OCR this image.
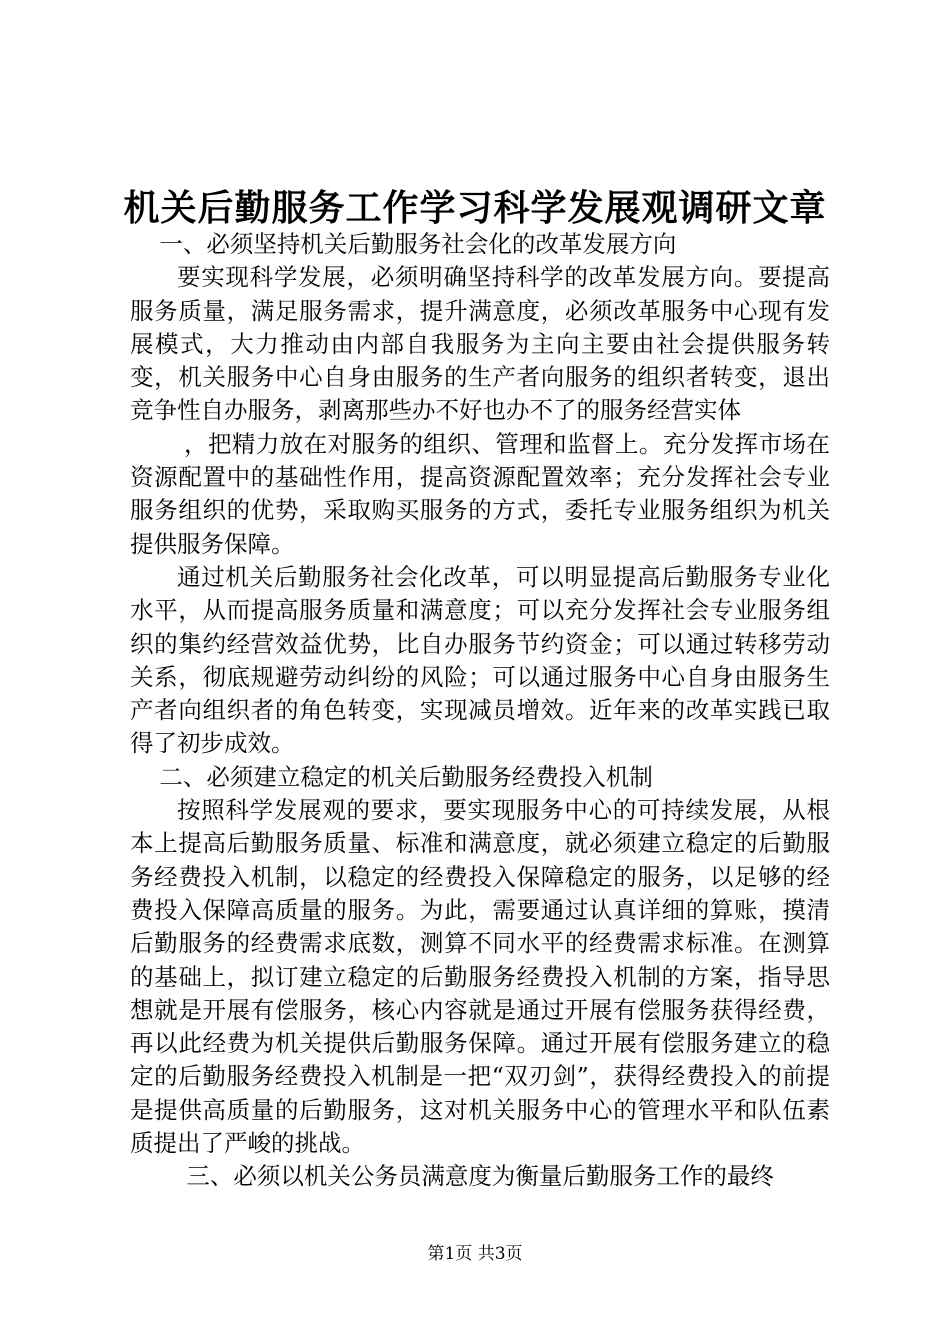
机关后勤服务工作学习科学发展观调研文章

一、必须坚持机关后勤服务社会化的改革发展方向

要实现科学发展，必须明确坚持科学的改革发展方向。要提高服务质量，满足服务需求，提升满意度，必须改革服务中心现有发展模式，大力推动由内部自我服务为主向主要由社会提供服务转变，机关服务中心自身由服务的生产者向服务的组织者转变，退出竞争性自办服务，剥离那些办不好也办不了的服务经营实体

，把精力放在对服务的组织、管理和监督上。充分发挥市场在资源配置中的基础性作用，提高资源配置效率；充分发挥社会专业服务组织的优势，采取购买服务的方式，委托专业服务组织为机关提供服务保障。

通过机关后勤服务社会化改革，可以明显提高后勤服务专业化水平，从而提高服务质量和满意度；可以充分发挥社会专业服务组织的集约经营效益优势，比自办服务节约资金；可以通过转移劳动关系，彻底规避劳动纠纷的风险；可以通过服务中心自身由服务生产者向组织者的角色转变，实现减员增效。近年来的改革实践已取得了初步成效。

二、必须建立稳定的机关后勤服务经费投入机制

按照科学发展观的要求，要实现服务中心的可持续发展，从根本上提高后勤服务质量、标准和满意度，就必须建立稳定的后勤服务经费投入机制，以稳定的经费投入保障稳定的服务，以足够的经费投入保障高质量的服务。为此，需要通过认真详细的算账，摸清后勤服务的经费需求底数，测算不同水平的经费需求标准。在测算的基础上，拟订建立稳定的后勤服务经费投入机制的方案，指导思想就是开展有偿服务，核心内容就是通过开展有偿服务获得经费，再以此经费为机关提供后勤服务保障。通过开展有偿服务建立的稳定的后勤服务经费投入机制是一把“双刃剑”，获得经费投入的前提是提供高质量的后勤服务，这对机关服务中心的管理水平和队伍素质提出了严峻的挑战。

三、必须以机关公务员满意度为衡量后勤服务工作的最终

第1页 共3页
